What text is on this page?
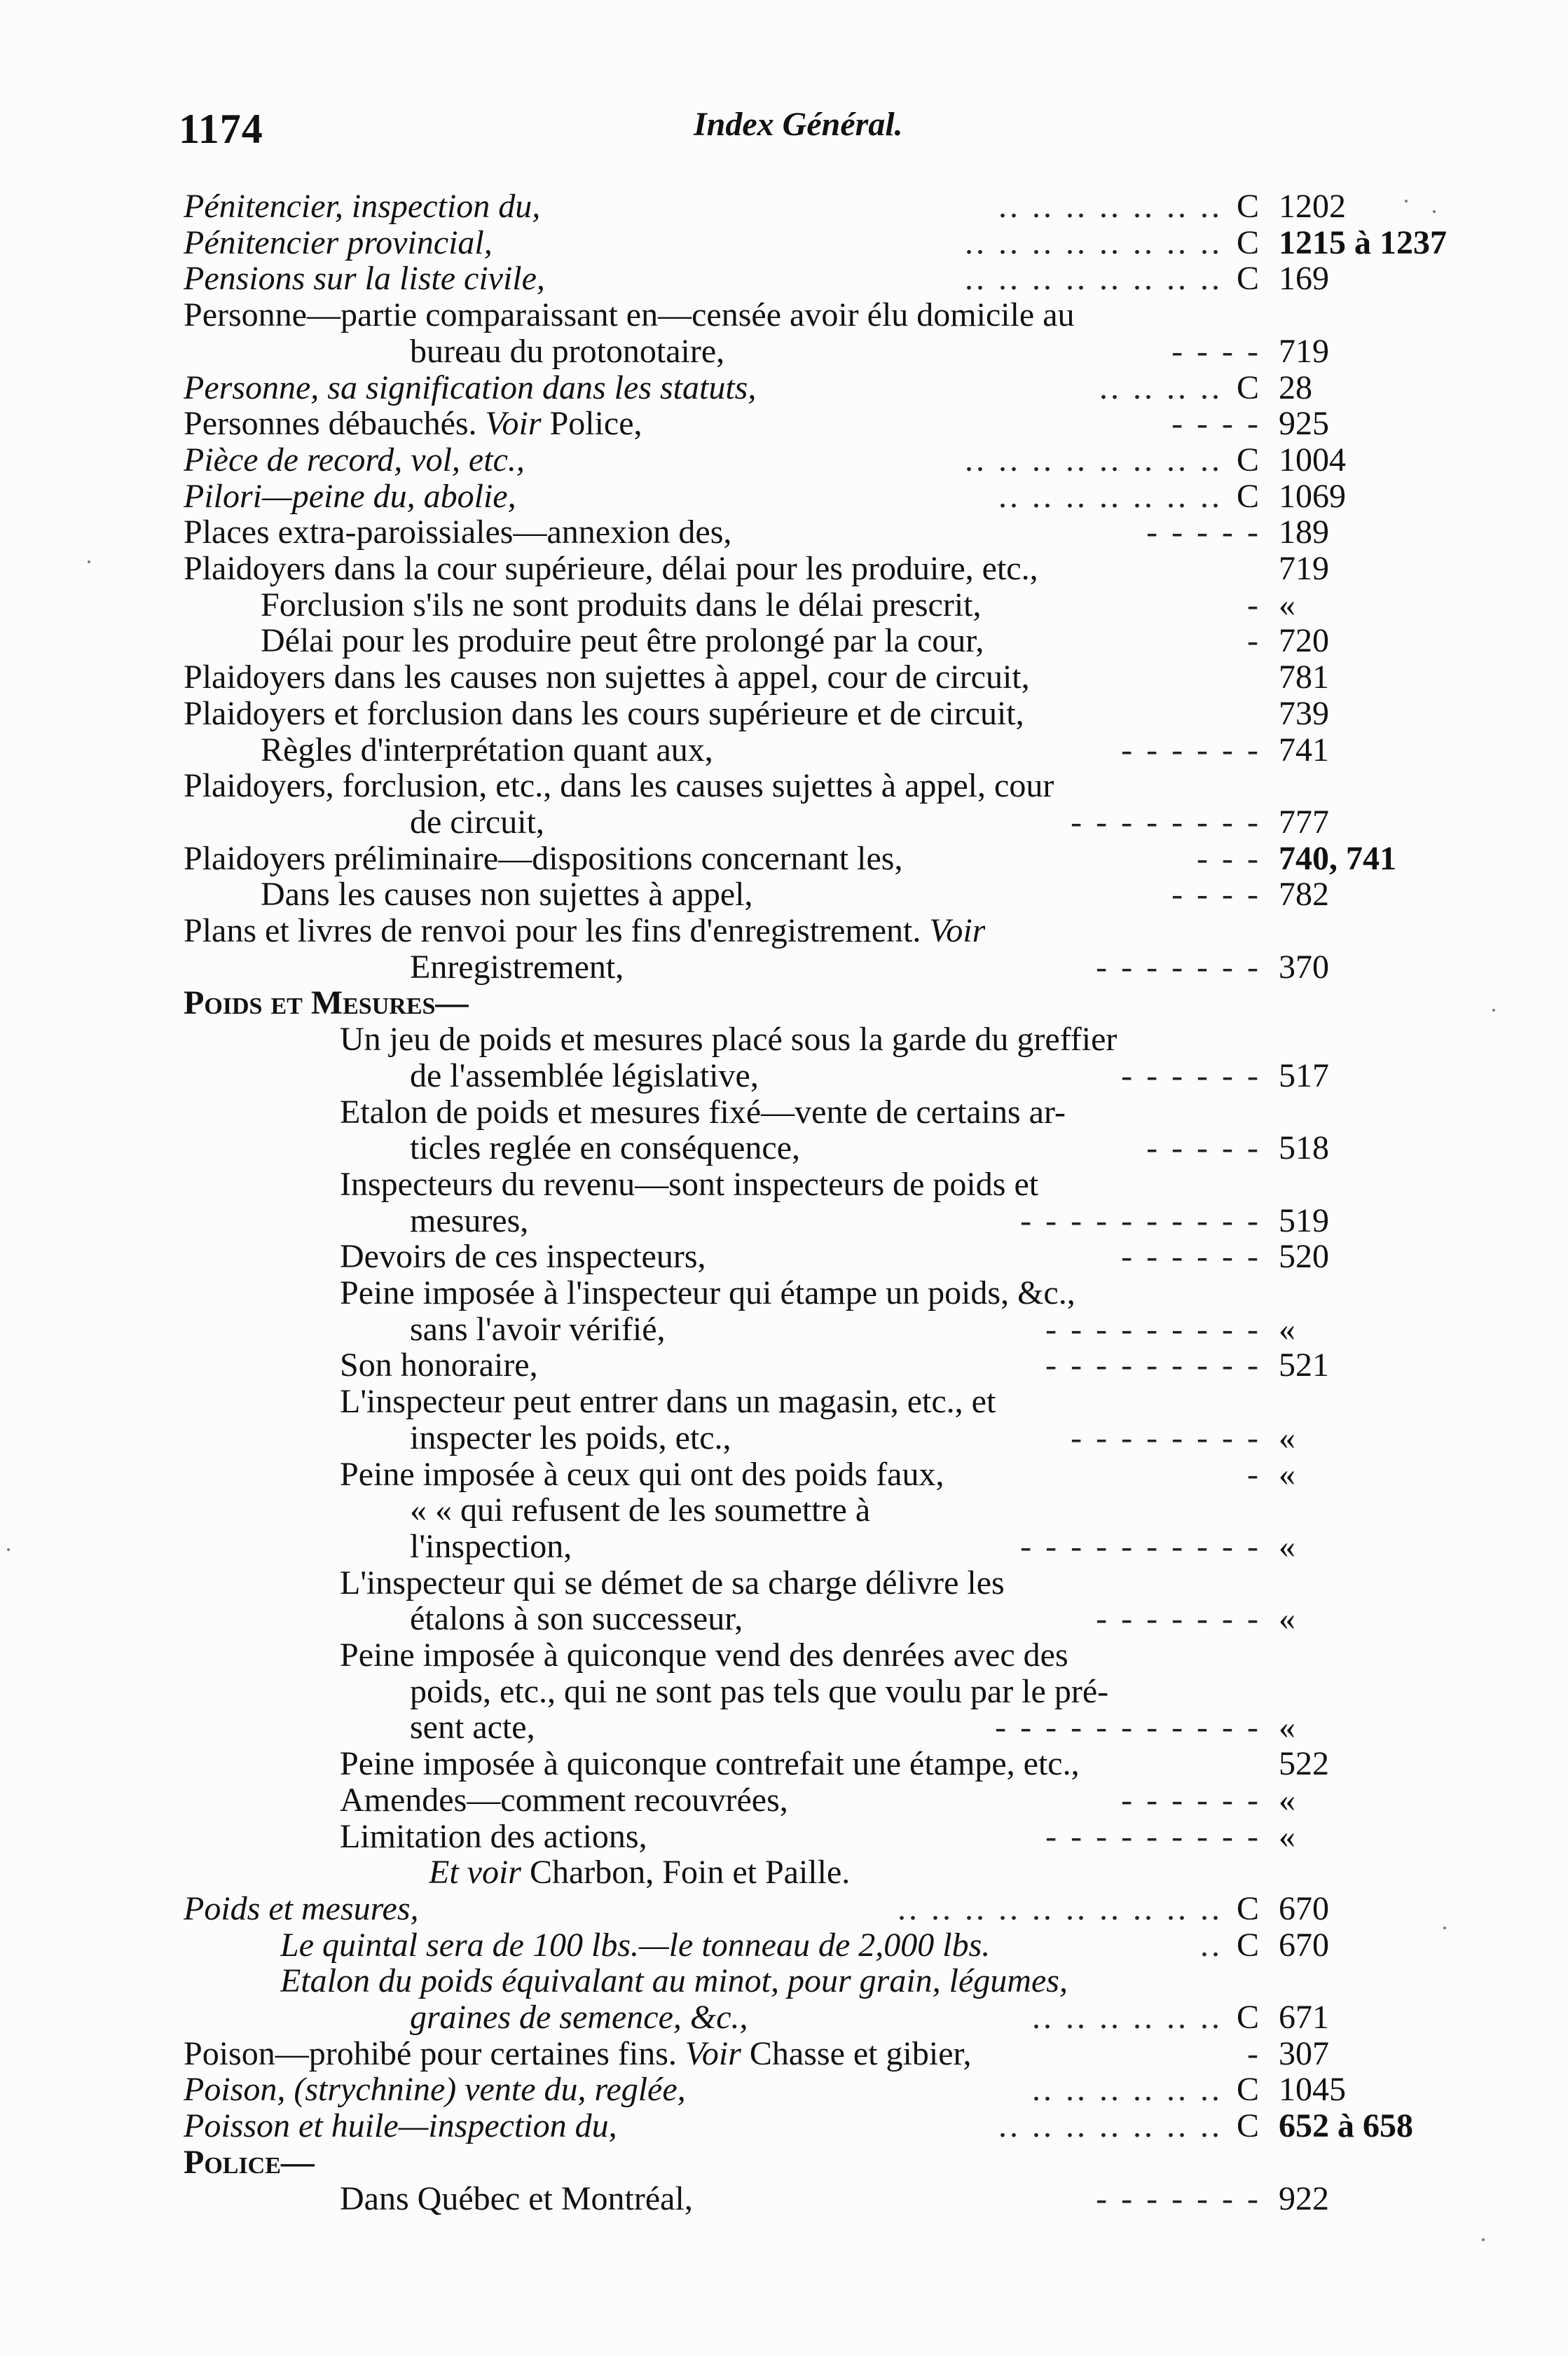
1174	Index Général.
Pénitencier, inspection du,	.. .. .. .. .. .. .. C 1202
Pénitencier provincial,	.. .. .. .. .. .. .. .. C 1215 à 1237
Pensions sur la liste civile,	.. .. .. .. .. .. .. .. C 169
Personne—partie comparaissant en—censée avoir élu domicile au
bureau du protonotaire,	- - - - 719
Personne, sa signification dans les statuts,	.. .. .. .. C 28
Personnes débauchés. Voir Police,	- - - - 925
Pièce de record, vol, etc.,	.. .. .. .. .. .. .. .. C 1004
Pilori—peine du, abolie,	.. .. .. .. .. .. .. C 1069
Places extra-paroissiales—annexion des,	- - - - - 189
Plaidoyers dans la cour supérieure, délai pour les produire, etc.,	719
Forclusion s'ils ne sont produits dans le délai prescrit,	- «
Délai pour les produire peut être prolongé par la cour,	- 720
Plaidoyers dans les causes non sujettes à appel, cour de circuit,	781
Plaidoyers et forclusion dans les cours supérieure et de circuit,	739
Règles d'interprétation quant aux,	- - - - - - 741
Plaidoyers, forclusion, etc., dans les causes sujettes à appel, cour
de circuit,	- - - - - - - - 777
Plaidoyers préliminaire—dispositions concernant les,	- - - 740, 741
Dans les causes non sujettes à appel,	- - - - 782
Plans et livres de renvoi pour les fins d'enregistrement. Voir
Enregistrement,	- - - - - - - 370
Poids et Mesures—
Un jeu de poids et mesures placé sous la garde du greffier
de l'assemblée législative,	- - - - - - 517
Etalon de poids et mesures fixé—vente de certains ar-
ticles reglée en conséquence,	- - - - - 518
Inspecteurs du revenu—sont inspecteurs de poids et
mesures,	- - - - - - - - - - 519
Devoirs de ces inspecteurs,	- - - - - - 520
Peine imposée à l'inspecteur qui étampe un poids, &c.,
sans l'avoir vérifié,	- - - - - - - - - «
Son honoraire,	- - - - - - - - - 521
L'inspecteur peut entrer dans un magasin, etc., et
inspecter les poids, etc.,	- - - - - - - - «
Peine imposée à ceux qui ont des poids faux,	- «
« « qui refusent de les soumettre à
l'inspection,	- - - - - - - - - - «
L'inspecteur qui se démet de sa charge délivre les
étalons à son successeur,	- - - - - - - «
Peine imposée à quiconque vend des denrées avec des
poids, etc., qui ne sont pas tels que voulu par le pré-
sent acte,	- - - - - - - - - - - «
Peine imposée à quiconque contrefait une étampe, etc.,	522
Amendes—comment recouvrées,	- - - - - - «
Limitation des actions,	- - - - - - - - - «
Et voir Charbon, Foin et Paille.
Poids et mesures,	.. .. .. .. .. .. .. .. .. .. C 670
Le quintal sera de 100 lbs.—le tonneau de 2,000 lbs.	.. C 670
Etalon du poids équivalant au minot, pour grain, légumes,
graines de semence, &c.,	.. .. .. .. .. .. C 671
Poison—prohibé pour certaines fins. Voir Chasse et gibier,	- 307
Poison, (strychnine) vente du, reglée,	.. .. .. .. .. .. C 1045
Poisson et huile—inspection du,	.. .. .. .. .. .. .. C 652 à 658
Police—
Dans Québec et Montréal,	- - - - - - - 922
